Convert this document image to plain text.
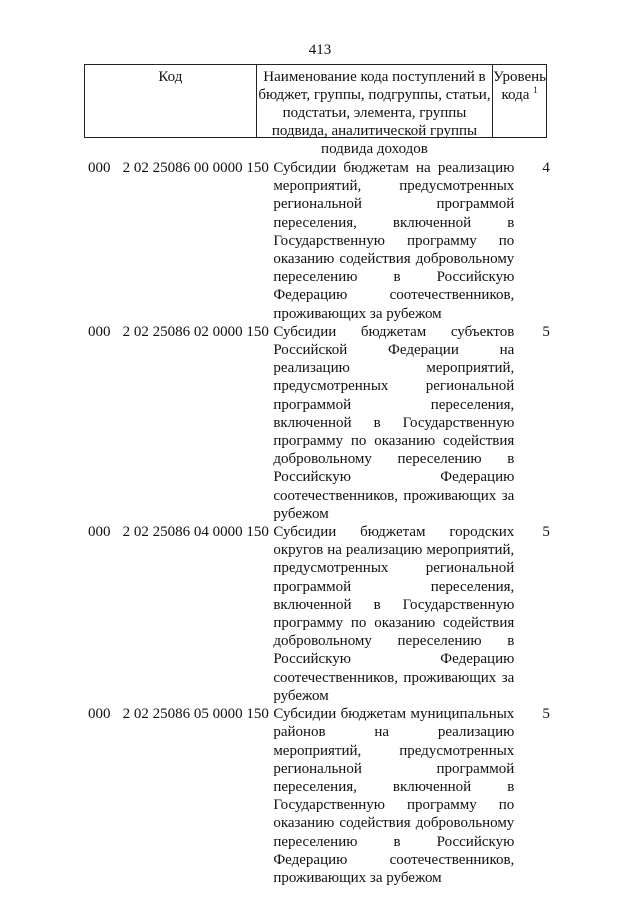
413
Код	Наименование кода поступлений в бюджет, группы, подгруппы, статьи, подстатьи, элемента, группы подвида, аналитической группы подвида доходов
Уровень кода $^1$
000 2 02 25086 00 0000 150 Субсидии бюджетам на реализацию мероприятий, предусмотренных региональной программой переселения, включенной в Государственную программу по оказанию содействия добровольному переселению в Российскую Федерацию соотечественников, проживающих за рубежом
4
000 2 02 25086 02 0000 150 Субсидии бюджетам субъектов Российской Федерации на реализацию мероприятий, предусмотренных региональной программой переселения, включенной в Государственную программу по оказанию содействия добровольному переселению в Российскую Федерацию соотечественников, проживающих за рубежом
5
000 2 02 25086 04 0000 150 Субсидии бюджетам городских округов на реализацию мероприятий, предусмотренных региональной программой переселения, включенной в Государственную программу по оказанию содействия добровольному переселению в Российскую Федерацию соотечественников, проживающих за рубежом
5
000 2 02 25086 05 0000 150 Субсидии бюджетам муниципальных районов на реализацию мероприятий, предусмотренных региональной программой переселения, включенной в Государственную программу по оказанию содействия добровольному переселению в Российскую Федерацию соотечественников, проживающих за рубежом
5
